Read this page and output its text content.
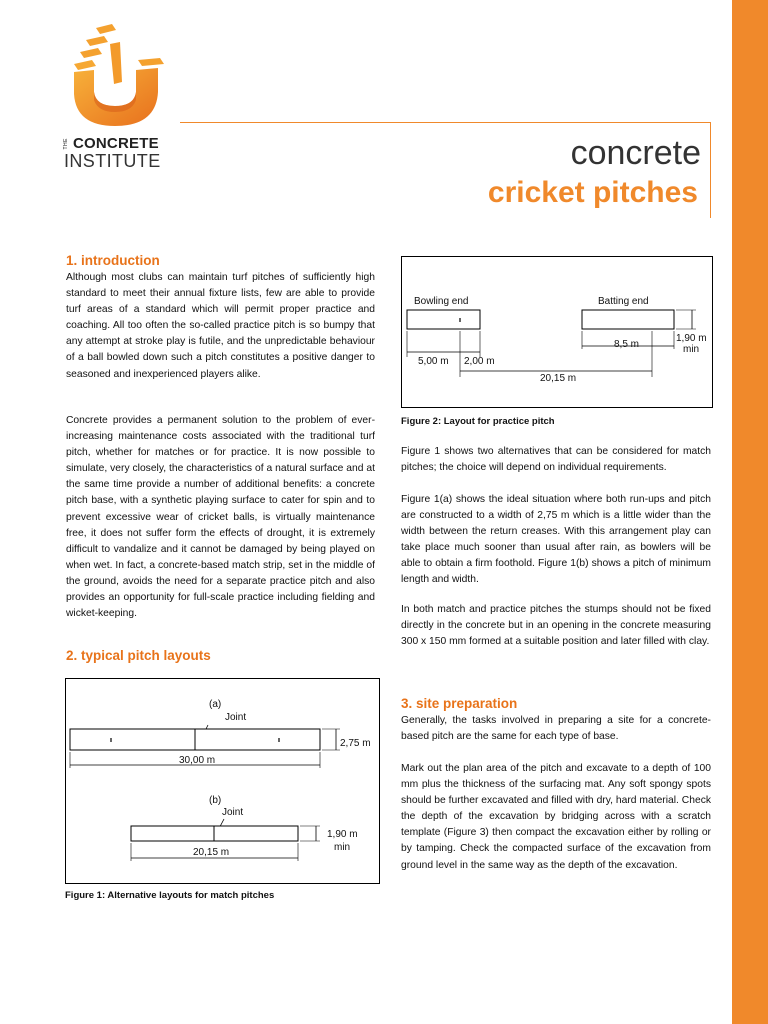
THE CONCRETE
INSTITUTE	concrete
cricket pitches
1. introduction

Although most clubs can maintain turf pitches of sufficiently high standard to meet their annual fixture lists, few are able to provide turf areas of a standard which will permit proper practice and coaching. All too often the so-called practice pitch is so bumpy that any attempt at stroke play is futile, and the unpredictable behaviour of a ball bowled down such a pitch constitutes a positive danger to seasoned and inexperienced players alike.

Concrete provides a permanent solution to the problem of ever-increasing maintenance costs associated with the traditional turf pitch, whether for matches or for practice. It is now possible to simulate, very closely, the characteristics of a natural surface and at the same time provide a number of additional benefits: a concrete pitch base, with a synthetic playing surface to cater for spin and to prevent excessive wear of cricket balls, is virtually maintenance free, it does not suffer form the effects of drought, it is extremely difficult to vandalize and it cannot be damaged by being played on when wet. In fact, a concrete-based match strip, set in the middle of the ground, avoids the need for a separate practice pitch and also provides an opportunity for full-scale practice including fielding and wicket-keeping.

2. typical pitch layouts
(a)
Joint
2,75 m
30,00 m
(b)
Joint
1,90 m
min
20,15 m

Figure 1: Alternative layouts for match pitches

Bowling end	Batting end
1,90 m
min
5,00 m 2,00 m
8,5 m
20,15 m

Figure 2: Layout for practice pitch

Figure 1 shows two alternatives that can be considered for match pitches; the choice will depend on individual requirements.

Figure 1(a) shows the ideal situation where both run-ups and pitch are constructed to a width of 2,75 m which is a little wider than the width between the return creases. With this arrangement play can take place much sooner than usual after rain, as bowlers will be able to obtain a firm foothold. Figure 1(b) shows a pitch of minimum length and width.

In both match and practice pitches the stumps should not be fixed directly in the concrete but in an opening in the concrete measuring 300 x 150 mm formed at a suitable position and later filled with clay.

3. site preparation

Generally, the tasks involved in preparing a site for a concrete-based pitch are the same for each type of base.

Mark out the plan area of the pitch and excavate to a depth of 100 mm plus the thickness of the surfacing mat. Any soft spongy spots should be further excavated and filled with dry, hard material. Check the depth of the excavation by bridging across with a scratch template (Figure 3) then compact the excavation either by rolling or by tamping. Check the compacted surface of the excavation from ground level in the same way as the depth of the excavation.
